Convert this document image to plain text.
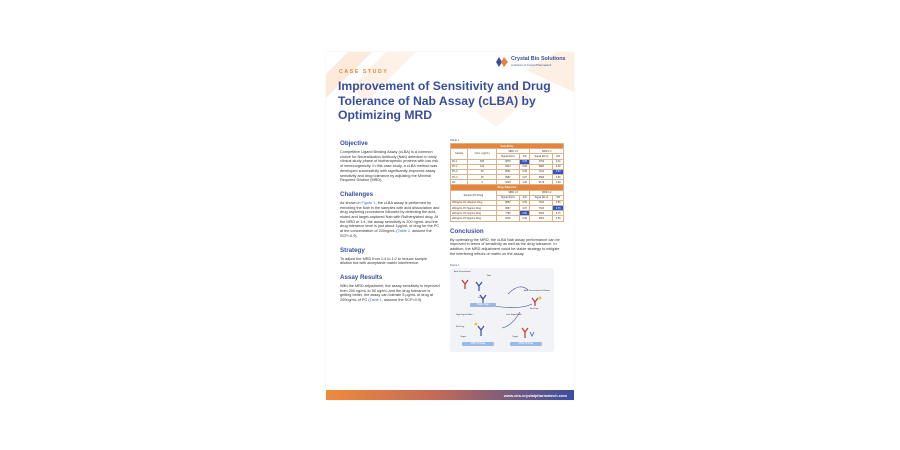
Crystal Bio Solutions
A division of Crystal Pharmatech
CASE STUDY
Improvement of Sensitivity and Drug Tolerance of Nab Assay (cLBA) by Optimizing MRD
Objective

Competitive Ligand Binding Assay (cLBA) is a common choice for Neutralization Antibody (Nab) detection in early clinical study phase of biotherapeutic proteins with low risk of immunogenicity. In this case study, a cLBA method was developed successfully with significantly-improved assay sensitivity and drug tolerance by adjusting the Minimal Required Dilution (MRD).

Challenges

As shown in Figure 1, the cLBA assay is performed by enriching the Nab in the samples with acid dissociation and drug capturing procedures followed by detecting the acid-eluted and target-captured Nab with Ruthenylated drug. At the MRD of 1:4, the assay sensitivity is 200 ng/mL and the drug tolerance level is just about 1μg/mL of drug for the PC at the concentration of 200ng/mL (Table 1, assume the SCP=0.9).

Strategy

To adjust the MRD from 1:4 to 1:2 to reduce sample dilution but with acceptable matrix interference.

Assay Results

With the MRD adjustment, the assay sensitivity is improved from 200 ng/mL to 50 ng/mL and the drug tolerance is getting better, the assay can tolerate 5 μg/mL of drug at 200ng/mL of PC (Table 1, assume the SCP=0.9).

Table 1
Sensitivity					
Sample	Conc. (ng/mL)	MRD 1:4		MRD 1:2	
		Signal (RLU)	S/N	Signal (RLU)	S/N
PC-1	500	6878	0.45	3792	0.41
PC-2	100	8324	0.84	5882	0.48
PC-3	50	8661	0.96	7124	0.83
PC-4	25	8987	0.97	8683	0.96
NC	0	9200	1.00	9179	1.00
Drug Tolerance					
Sample (PC Drug)		MRD 1:4		MRD 1:2	
		Signal (RLU)	S/N	Signal (RLU)	S/N
200ng/mL PC 20μg/mL Drug		8862	0.96	7813	0.86
200ng/mL PC 5μg/mL Drug		8687	0.97	7633	0.76
200ng/mL PC 1μg/mL Drug		7780	0.80	5600	0.75
200ng/mL PC 0μg/mL Drug		6230	0.69	3991	0.56
Conclusion

By optimizing the MRD, the cLBA Nab assay performance can be improved in terms of sensitivity as well as the drug tolerance. In addition, the MRD adjustment could be viable strategy to mitigate the interfering effects of matrix on the assay.

Figure 1
Acid Dissociation
Nab
Drug
Biotin Plate
Acid Dissociation & Elution
Ru-Drug
High Signal Nab +	Low Signal Nab -
Ru-Drug
Target	Target
MSD HB Plate	MSD HB Plate
www.cbs.crystalpharmatech.com
